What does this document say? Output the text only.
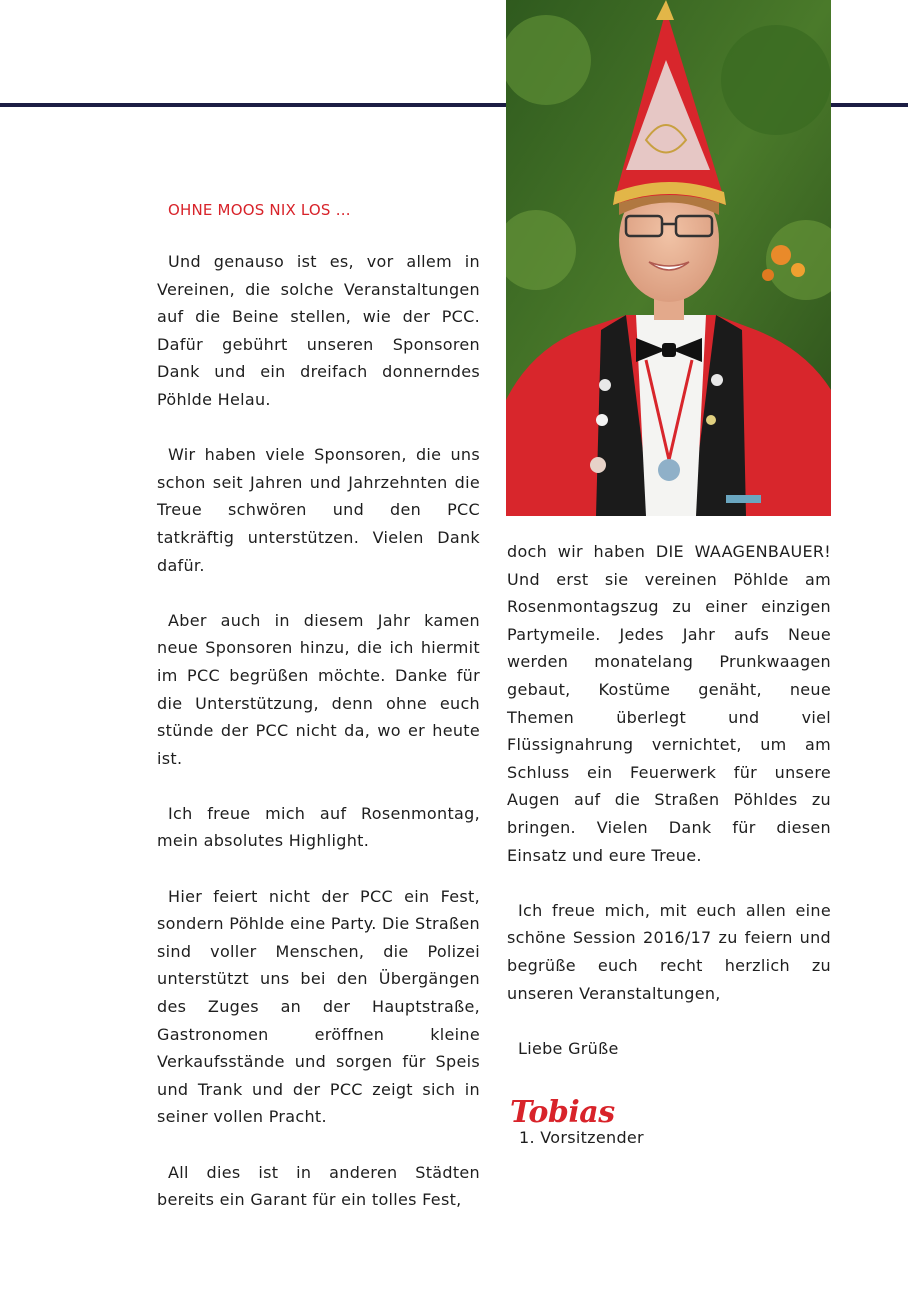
OHNE MOOS NIX LOS …

Und genauso ist es, vor allem in Vereinen, die solche Veranstaltungen auf die Beine stellen, wie der PCC. Dafür gebührt unseren Sponsoren Dank und ein dreifach donnerndes Pöhlde Helau.

Wir haben viele Sponsoren, die uns schon seit Jahren und Jahrzehnten die Treue schwören und den PCC tatkräftig unterstützen. Vielen Dank dafür.

Aber auch in diesem Jahr kamen neue Sponsoren hinzu, die ich hiermit im PCC begrüßen möchte. Danke für die Unterstützung, denn ohne euch stünde der PCC nicht da, wo er heute ist.

Ich freue mich auf Rosenmontag, mein absolutes Highlight.

Hier feiert nicht der PCC ein Fest, sondern Pöhlde eine Party. Die Straßen sind voller Menschen, die Polizei unterstützt uns bei den Übergängen des Zuges an der Hauptstraße, Gastronomen eröffnen kleine Verkaufsstände und sorgen für Speis und Trank und der PCC zeigt sich in seiner vollen Pracht.

All dies ist in anderen Städten bereits ein Garant für ein tolles Fest,

doch wir haben DIE WAAGENBAUER! Und erst sie vereinen Pöhlde am Rosenmontagszug zu einer einzigen Partymeile. Jedes Jahr aufs Neue werden monatelang Prunkwaagen gebaut, Kostüme genäht, neue Themen überlegt und viel Flüssignahrung vernichtet, um am Schluss ein Feuerwerk für unsere Augen auf die Straßen Pöhldes zu bringen. Vielen Dank für diesen Einsatz und eure Treue.

Ich freue mich, mit euch allen eine schöne Session 2016/17 zu feiern und begrüße euch recht herzlich zu unseren Veranstaltungen,

Liebe Grüße
Tobias
1. Vorsitzender
